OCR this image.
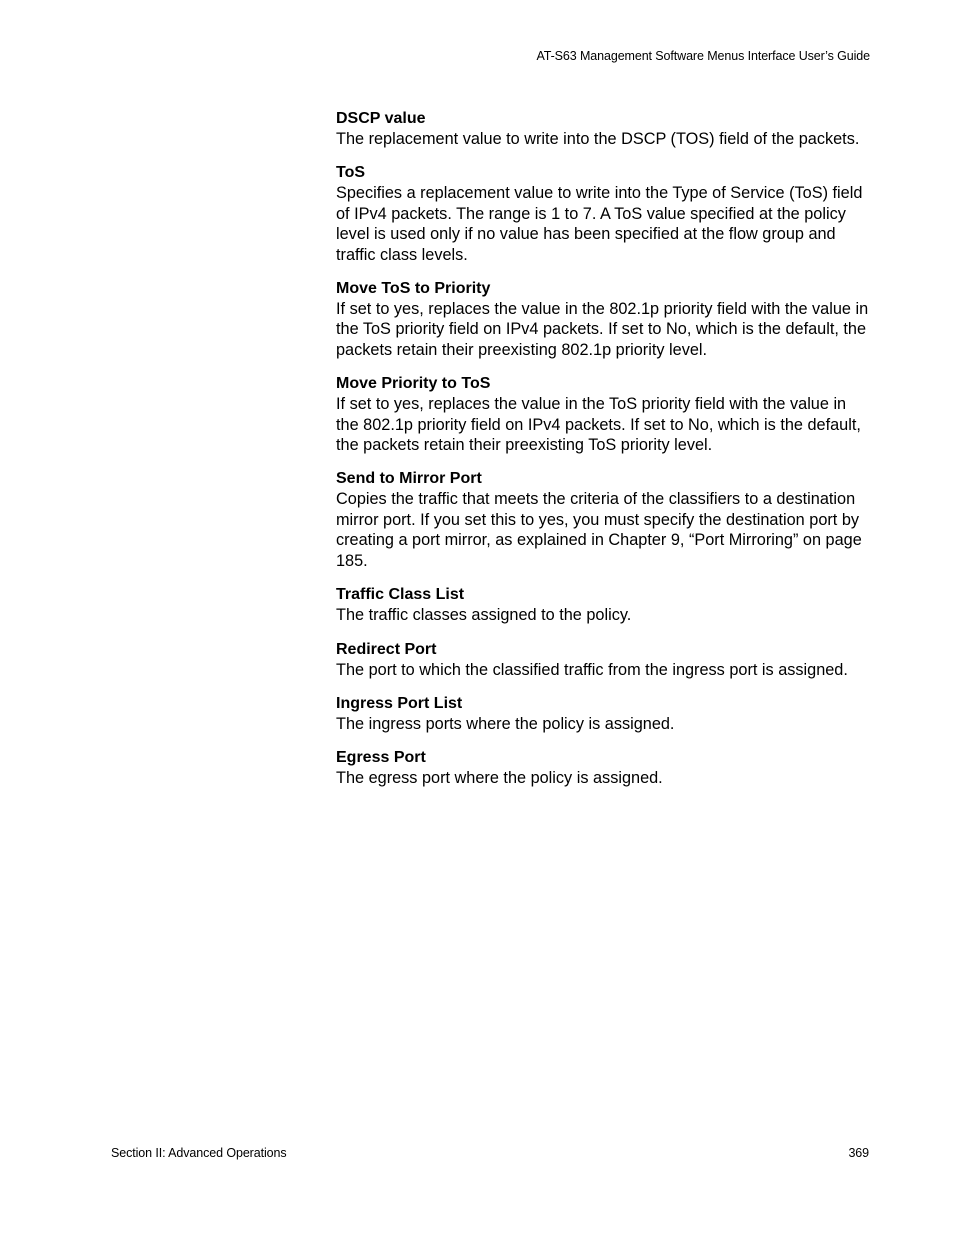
AT-S63 Management Software Menus Interface User’s Guide

DSCP value

The replacement value to write into the DSCP (TOS) field of the packets.

ToS

Specifies a replacement value to write into the Type of Service (ToS) field of IPv4 packets. The range is 1 to 7. A ToS value specified at the policy level is used only if no value has been specified at the flow group and traffic class levels.

Move ToS to Priority

If set to yes, replaces the value in the 802.1p priority field with the value in the ToS priority field on IPv4 packets. If set to No, which is the default, the packets retain their preexisting 802.1p priority level.

Move Priority to ToS

If set to yes, replaces the value in the ToS priority field with the value in the 802.1p priority field on IPv4 packets. If set to No, which is the default, the packets retain their preexisting ToS priority level.

Send to Mirror Port

Copies the traffic that meets the criteria of the classifiers to a destination mirror port. If you set this to yes, you must specify the destination port by creating a port mirror, as explained in Chapter 9, “Port Mirroring” on page 185.

Traffic Class List

The traffic classes assigned to the policy.

Redirect Port

The port to which the classified traffic from the ingress port is assigned.

Ingress Port List

The ingress ports where the policy is assigned.

Egress Port

The egress port where the policy is assigned.

Section II: Advanced Operations	369
